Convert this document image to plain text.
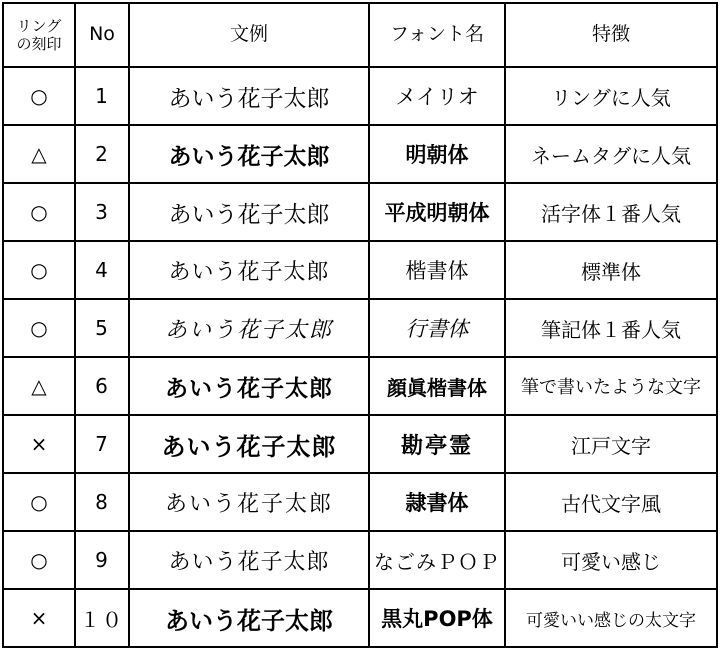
リング
の刻印	No	文例	フォント名	特徴
○	1	あいう花子太郎	メイリオ	リングに人気
△	2	あいう花子太郎	明朝体	ネームタグに人気
○	3	あいう花子太郎	平成明朝体	活字体１番人気
○	4	あいう花子太郎	楷書体	標準体
○	5	あいう花子太郎	行書体	筆記体１番人気
△	6	あいう花子太郎	顔眞楷書体	筆で書いたような文字
×	7	あいう花子太郎	勘亭霊	江戸文字
○	8	あいう花子太郎	隷書体	古代文字風
○	9	あいう花子太郎	なごみＰＯＰ	可愛い感じ
×	１０	あいう花子太郎	黒丸POP体	可愛いい感じの太文字
